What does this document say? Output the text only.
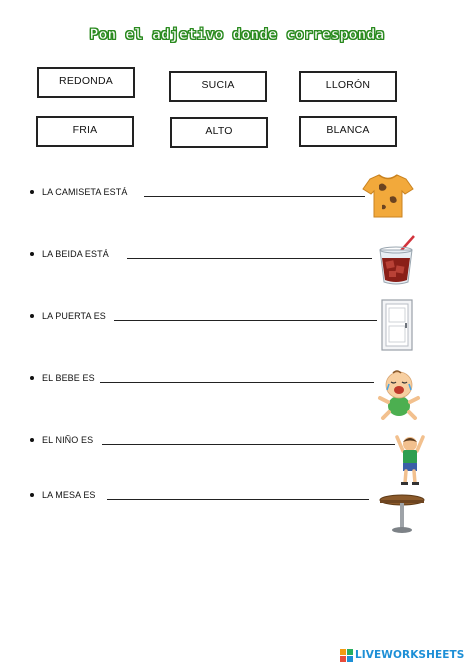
Pon el adjetivo donde corresponda
REDONDA	SUCIA	LLORÓN
FRIA	ALTO	BLANCA
LA CAMISETA ESTÁ
LA BEIDA ESTÁ
LA PUERTA ES
EL BEBE ES
EL NIÑO ES
LA MESA ES
LIVEWORKSHEETS
